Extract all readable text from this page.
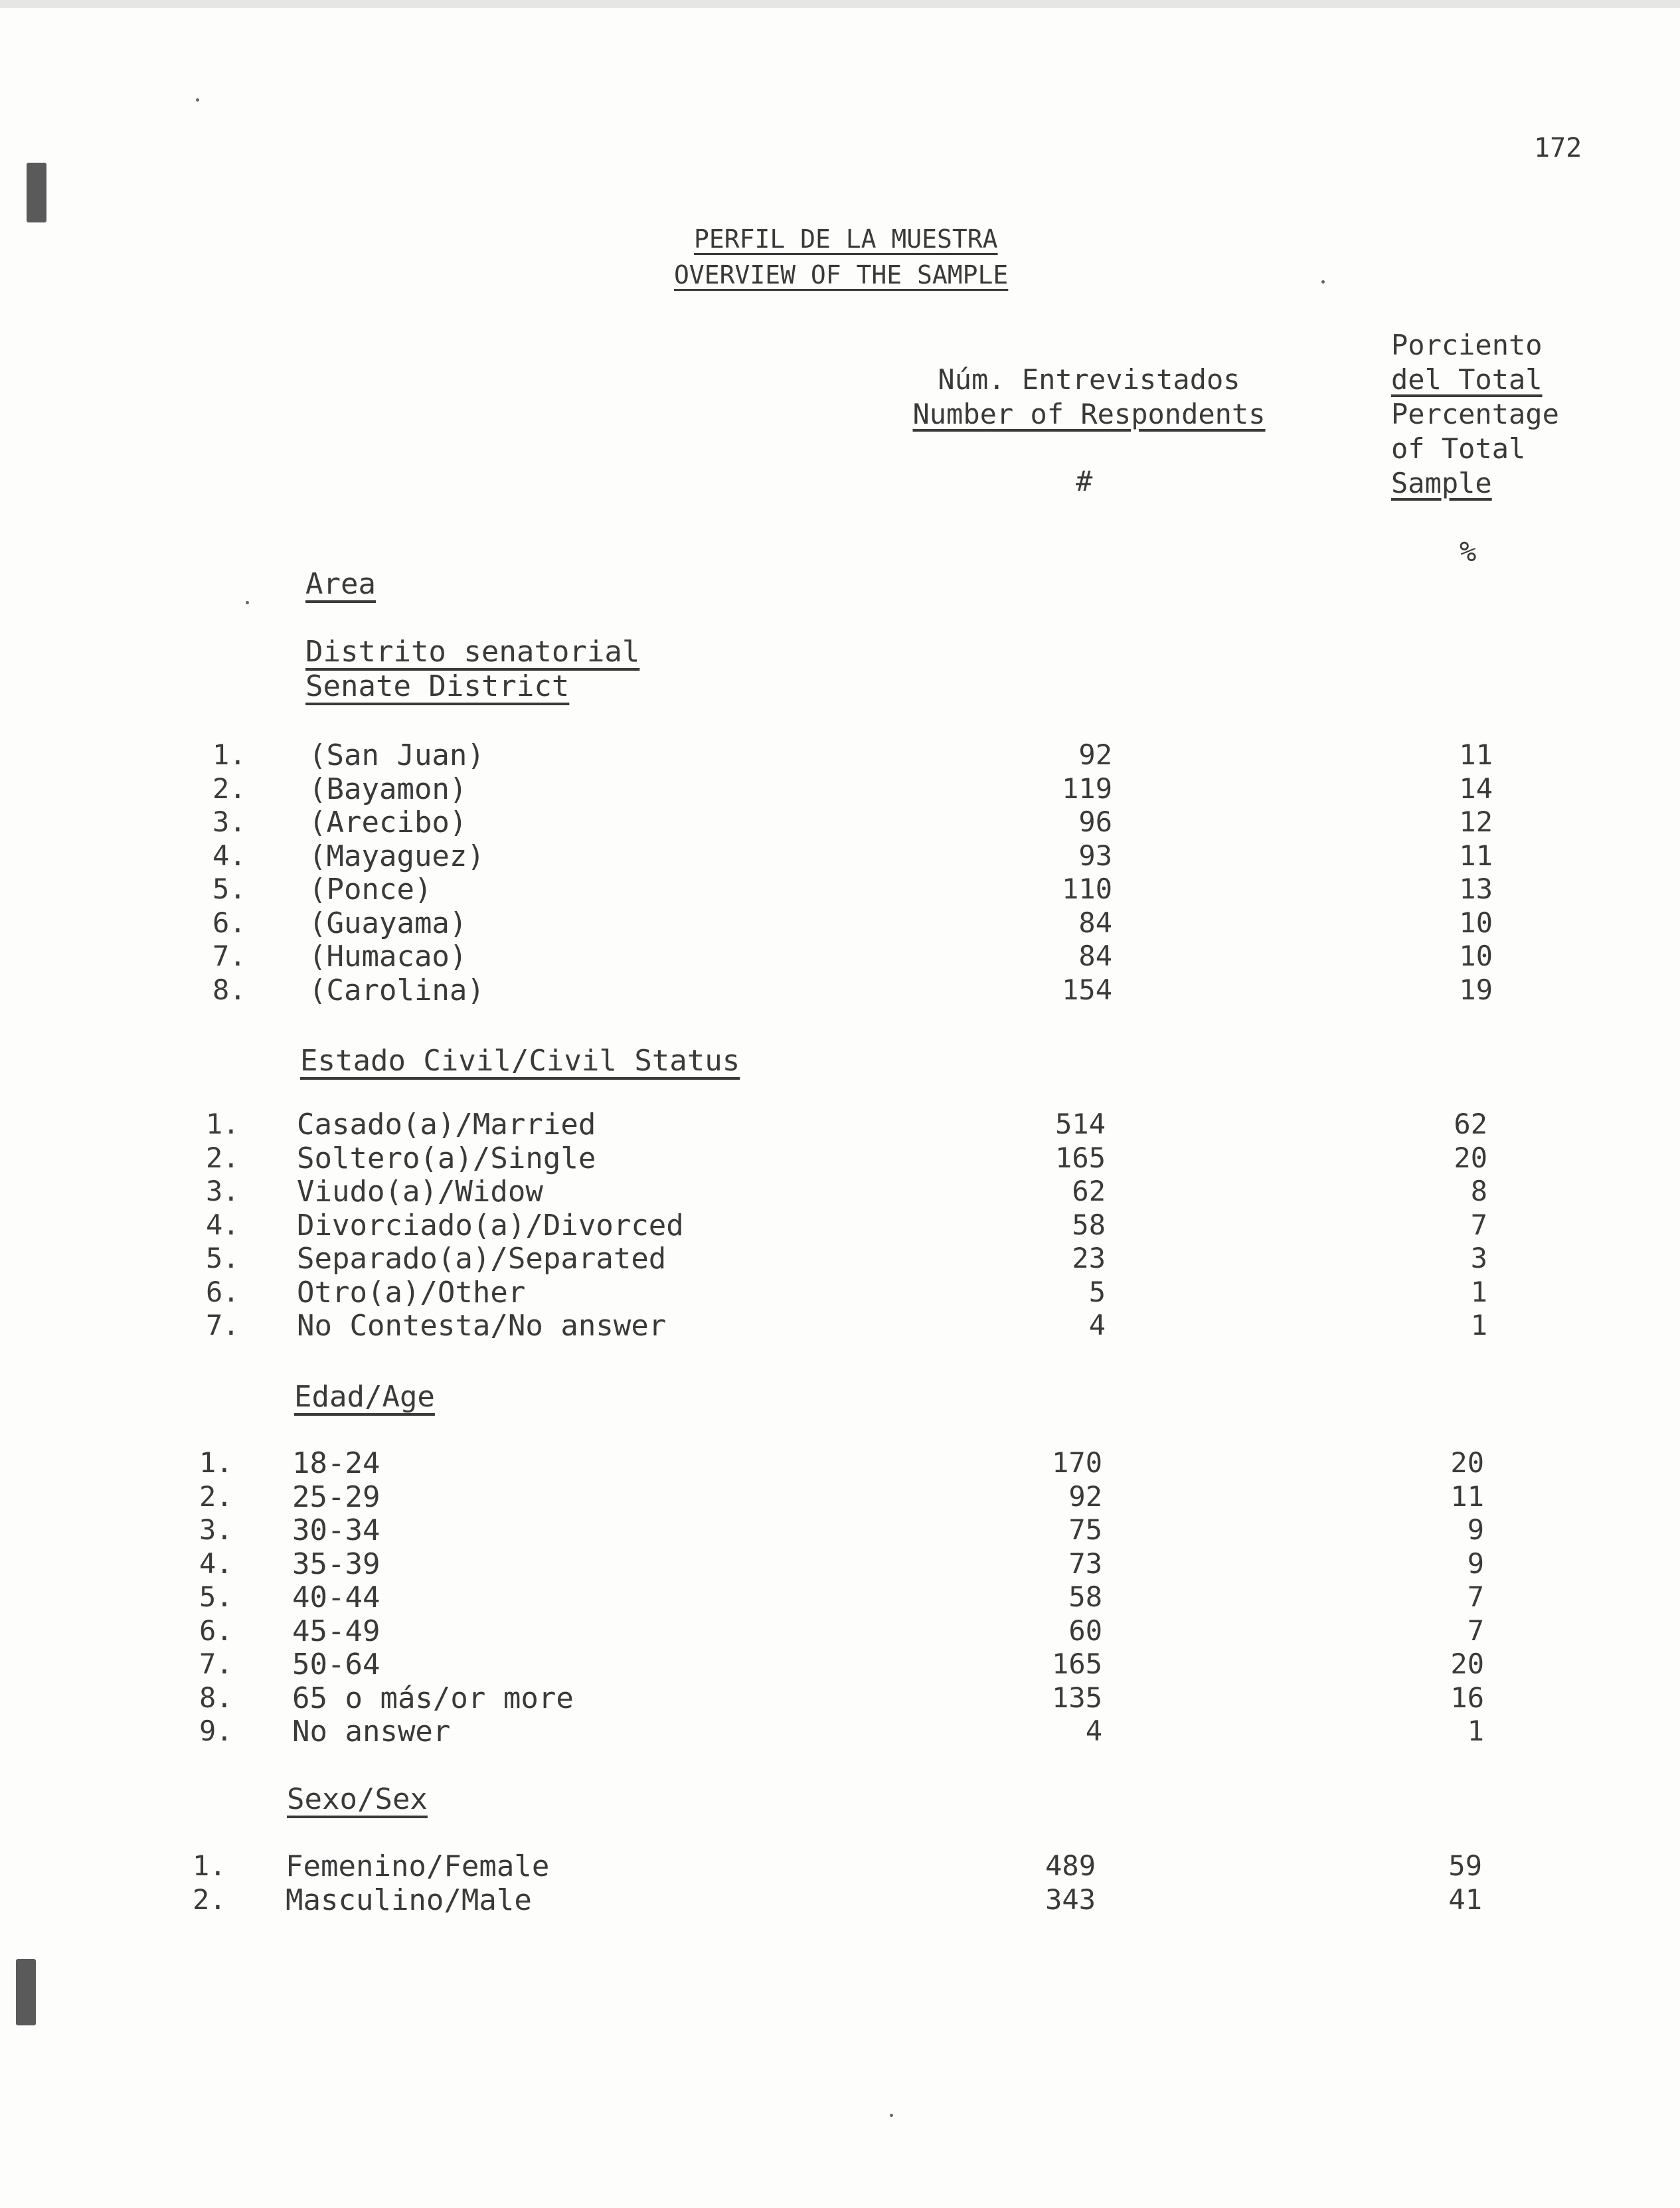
172
PERFIL DE LA MUESTRA
OVERVIEW OF THE SAMPLE
Núm. Entrevistados
Number of Respondents
#
Porciento
del Total
Percentage
of Total
Sample
%
Area
Distrito senatorial
Senate District
1.	(San Juan)	92	11
2.	(Bayamon)	119	14
3.	(Arecibo)	96	12
4.	(Mayaguez)	93	11
5.	(Ponce)	110	13
6.	(Guayama)	84	10
7.	(Humacao)	84	10
8.	(Carolina)	154	19
Estado Civil/Civil Status
1.	Casado(a)/Married	514	62
2.	Soltero(a)/Single	165	20
3.	Viudo(a)/Widow	62	8
4.	Divorciado(a)/Divorced	58	7
5.	Separado(a)/Separated	23	3
6.	Otro(a)/Other	5	1
7.	No Contesta/No answer	4	1
Edad/Age
1.	18-24	170	20
2.	25-29	92	11
3.	30-34	75	9
4.	35-39	73	9
5.	40-44	58	7
6.	45-49	60	7
7.	50-64	165	20
8.	65 o más/or more	135	16
9.	No answer	4	1
Sexo/Sex
1.	Femenino/Female	489	59
2.	Masculino/Male	343	41
